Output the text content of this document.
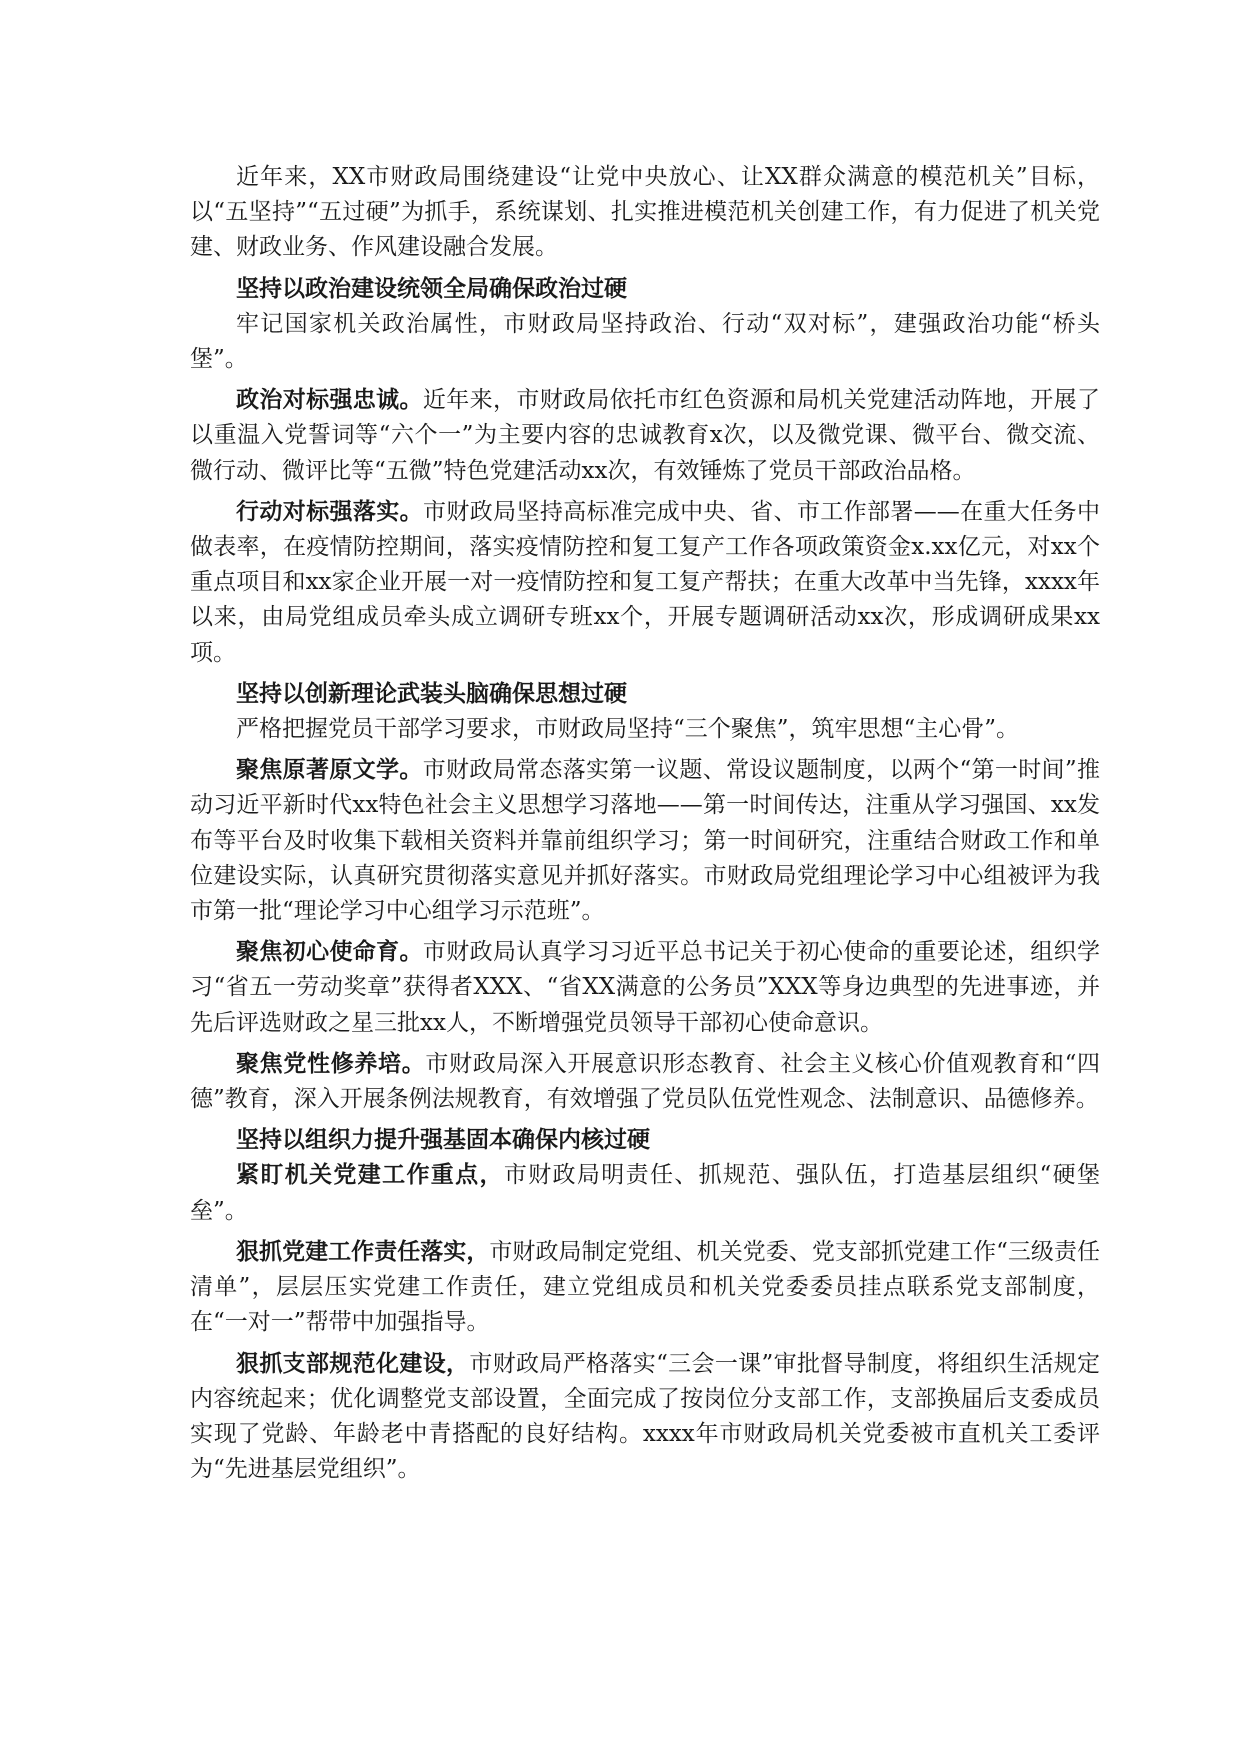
近年来，XX市财政局围绕建设“让党中央放心、让XX群众满意的模范机关”目标，以“五坚持”“五过硬”为抓手，系统谋划、扎实推进模范机关创建工作，有力促进了机关党建、财政业务、作风建设融合发展。

坚持以政治建设统领全局确保政治过硬

牢记国家机关政治属性，市财政局坚持政治、行动“双对标”，建强政治功能“桥头堡”。

政治对标强忠诚。近年来，市财政局依托市红色资源和局机关党建活动阵地，开展了以重温入党誓词等“六个一”为主要内容的忠诚教育x次，以及微党课、微平台、微交流、微行动、微评比等“五微”特色党建活动xx次，有效锤炼了党员干部政治品格。

行动对标强落实。市财政局坚持高标准完成中央、省、市工作部署——在重大任务中做表率，在疫情防控期间，落实疫情防控和复工复产工作各项政策资金x.xx亿元，对xx个重点项目和xx家企业开展一对一疫情防控和复工复产帮扶；在重大改革中当先锋，xxxx年以来，由局党组成员牵头成立调研专班xx个，开展专题调研活动xx次，形成调研成果xx项。

坚持以创新理论武装头脑确保思想过硬

严格把握党员干部学习要求，市财政局坚持“三个聚焦”，筑牢思想“主心骨”。

聚焦原著原文学。市财政局常态落实第一议题、常设议题制度，以两个“第一时间”推动习近平新时代xx特色社会主义思想学习落地——第一时间传达，注重从学习强国、xx发布等平台及时收集下载相关资料并靠前组织学习；第一时间研究，注重结合财政工作和单位建设实际，认真研究贯彻落实意见并抓好落实。市财政局党组理论学习中心组被评为我市第一批“理论学习中心组学习示范班”。

聚焦初心使命育。市财政局认真学习习近平总书记关于初心使命的重要论述，组织学习“省五一劳动奖章”获得者XXX、“省XX满意的公务员”XXX等身边典型的先进事迹，并先后评选财政之星三批xx人，不断增强党员领导干部初心使命意识。

聚焦党性修养培。市财政局深入开展意识形态教育、社会主义核心价值观教育和“四德”教育，深入开展条例法规教育，有效增强了党员队伍党性观念、法制意识、品德修养。

坚持以组织力提升强基固本确保内核过硬

紧盯机关党建工作重点，市财政局明责任、抓规范、强队伍，打造基层组织“硬堡垒”。

狠抓党建工作责任落实，市财政局制定党组、机关党委、党支部抓党建工作“三级责任清单”，层层压实党建工作责任，建立党组成员和机关党委委员挂点联系党支部制度，在“一对一”帮带中加强指导。

狠抓支部规范化建设，市财政局严格落实“三会一课”审批督导制度，将组织生活规定内容统起来；优化调整党支部设置，全面完成了按岗位分支部工作，支部换届后支委成员实现了党龄、年龄老中青搭配的良好结构。xxxx年市财政局机关党委被市直机关工委评为“先进基层党组织”。
